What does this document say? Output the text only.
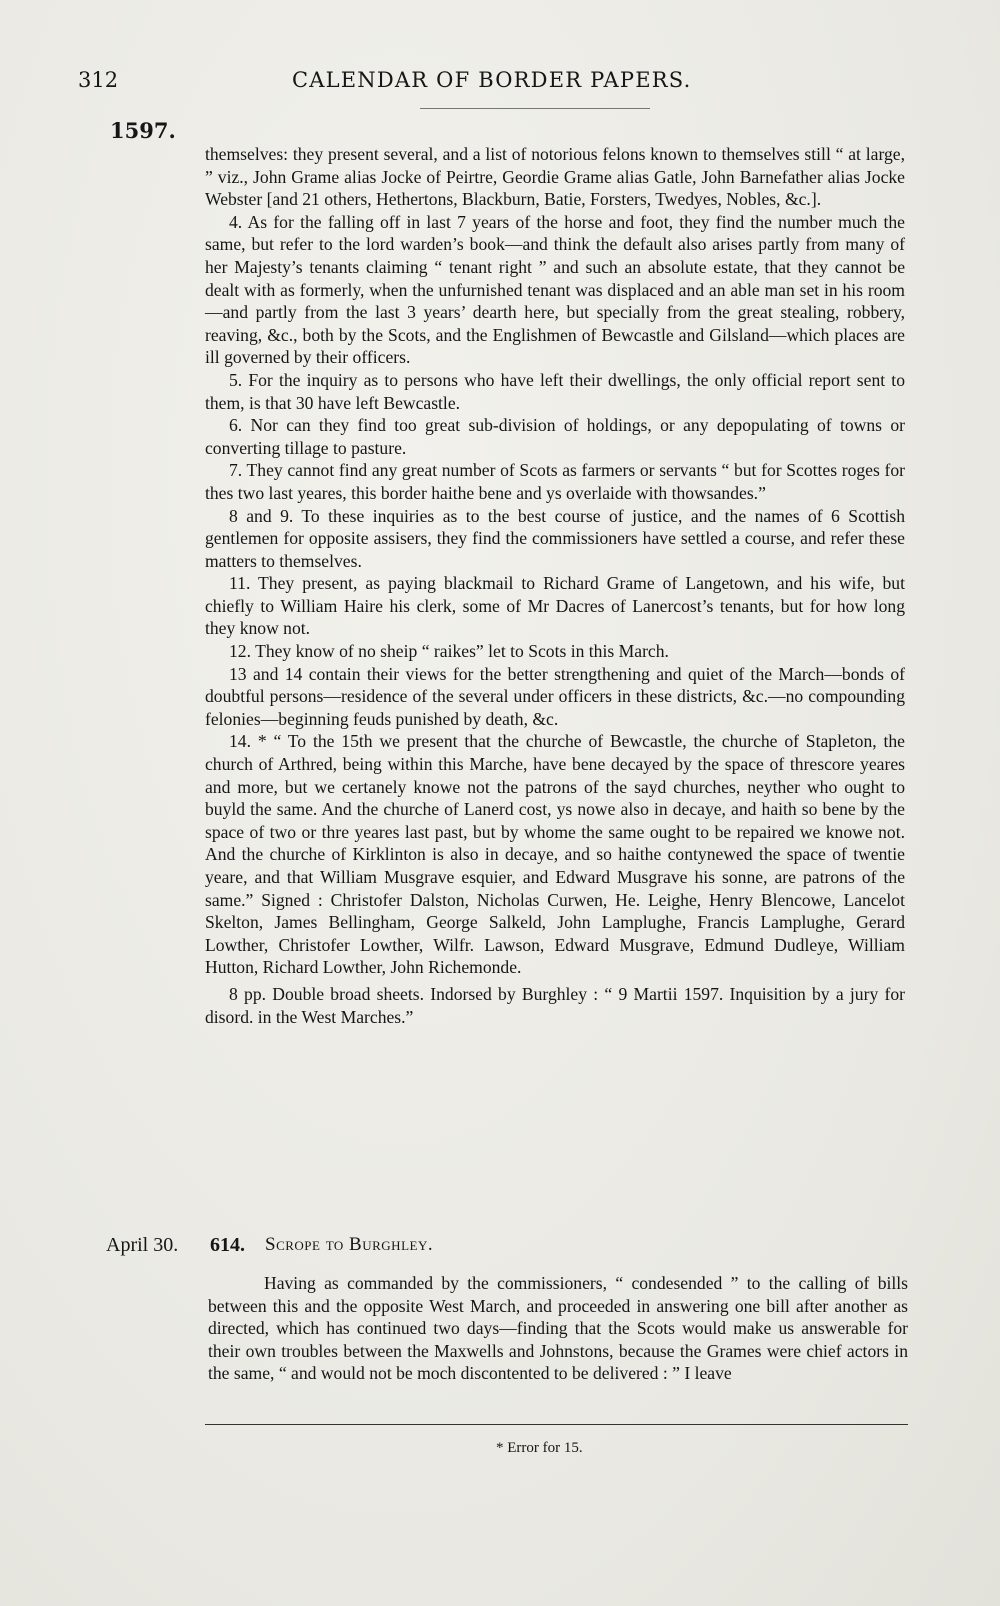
312	CALENDAR OF BORDER PAPERS.
1597.

themselves: they present several, and a list of notorious felons known to themselves still “ at large, ” viz., John Grame alias Jocke of Peirtre, Geordie Grame alias Gatle, John Barnefather alias Jocke Webster [and 21 others, Hethertons, Blackburn, Batie, Forsters, Twedyes, Nobles, &c.].

4. As for the falling off in last 7 years of the horse and foot, they find the number much the same, but refer to the lord warden’s book—and think the default also arises partly from many of her Majesty’s tenants claiming “ tenant right ” and such an absolute estate, that they cannot be dealt with as formerly, when the unfurnished tenant was displaced and an able man set in his room—and partly from the last 3 years’ dearth here, but specially from the great stealing, robbery, reaving, &c., both by the Scots, and the Englishmen of Bewcastle and Gilsland—which places are ill governed by their officers.

5. For the inquiry as to persons who have left their dwellings, the only official report sent to them, is that 30 have left Bewcastle.

6. Nor can they find too great sub-division of holdings, or any depopulating of towns or converting tillage to pasture.

7. They cannot find any great number of Scots as farmers or servants “ but for Scottes roges for thes two last yeares, this border haithe bene and ys overlaide with thowsandes.”

8 and 9. To these inquiries as to the best course of justice, and the names of 6 Scottish gentlemen for opposite assisers, they find the commissioners have settled a course, and refer these matters to themselves.

11. They present, as paying blackmail to Richard Grame of Langetown, and his wife, but chiefly to William Haire his clerk, some of Mr Dacres of Lanercost’s tenants, but for how long they know not.

12. They know of no sheip “ raikes” let to Scots in this March.

13 and 14 contain their views for the better strengthening and quiet of the March—bonds of doubtful persons—residence of the several under officers in these districts, &c.—no compounding felonies—beginning feuds punished by death, &c.

14. * “ To the 15th we present that the churche of Bewcastle, the churche of Stapleton, the church of Arthred, being within this Marche, have bene decayed by the space of threscore yeares and more, but we certanely knowe not the patrons of the sayd churches, neyther who ought to buyld the same. And the churche of Lanerd cost, ys nowe also in decaye, and haith so bene by the space of two or thre yeares last past, but by whome the same ought to be repaired we knowe not. And the churche of Kirklinton is also in decaye, and so haithe contynewed the space of twentie yeare, and that William Musgrave esquier, and Edward Musgrave his sonne, are patrons of the same.” Signed : Christofer Dalston, Nicholas Curwen, He. Leighe, Henry Blencowe, Lancelot Skelton, James Bellingham, George Salkeld, John Lamplughe, Francis Lamplughe, Gerard Lowther, Christofer Lowther, Wilfr. Lawson, Edward Musgrave, Edmund Dudleye, William Hutton, Richard Lowther, John Richemonde.

8 pp. Double broad sheets. Indorsed by Burghley : “ 9 Martii 1597. Inquisition by a jury for disord. in the West Marches.”

April 30. 614. Scrope to Burghley.

Having as commanded by the commissioners, “ condesended ” to the calling of bills between this and the opposite West March, and proceeded in answering one bill after another as directed, which has continued two days—finding that the Scots would make us answerable for their own troubles between the Maxwells and Johnstons, because the Grames were chief actors in the same, “ and would not be moch discontented to be delivered : ” I leave

* Error for 15.
